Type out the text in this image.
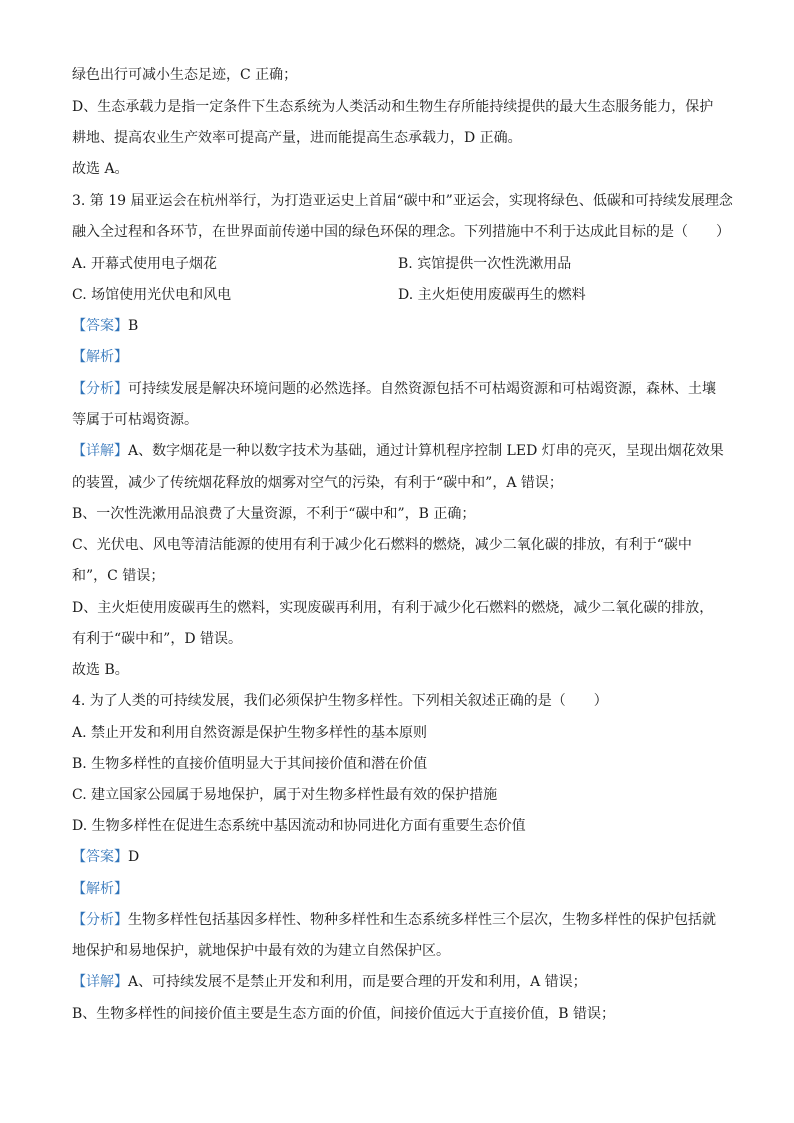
绿色出行可减小生态足迹，C 正确；
D、生态承载力是指一定条件下生态系统为人类活动和生物生存所能持续提供的最大生态服务能力，保护
耕地、提高农业生产效率可提高产量，进而能提高生态承载力，D 正确。
故选 A。
3. 第 19 届亚运会在杭州举行，为打造亚运史上首届“碳中和”亚运会，实现将绿色、低碳和可持续发展理念
融入全过程和各环节，在世界面前传递中国的绿色环保的理念。下列措施中不利于达成此目标的是（　　）
A. 开幕式使用电子烟花	B. 宾馆提供一次性洗漱用品
C. 场馆使用光伏电和风电	D. 主火炬使用废碳再生的燃料
【答案】B
【解析】
【分析】可持续发展是解决环境问题的必然选择。自然资源包括不可枯竭资源和可枯竭资源，森林、土壤
等属于可枯竭资源。
【详解】A、数字烟花是一种以数字技术为基础，通过计算机程序控制 LED 灯串的亮灭，呈现出烟花效果
的装置，减少了传统烟花释放的烟雾对空气的污染，有利于“碳中和”，A 错误；
B、一次性洗漱用品浪费了大量资源，不利于“碳中和”，B 正确；
C、光伏电、风电等清洁能源的使用有利于减少化石燃料的燃烧，减少二氧化碳的排放，有利于“碳中
和”，C 错误；
D、主火炬使用废碳再生的燃料，实现废碳再利用，有利于减少化石燃料的燃烧，减少二氧化碳的排放，
有利于“碳中和”，D 错误。
故选 B。
4. 为了人类的可持续发展，我们必须保护生物多样性。下列相关叙述正确的是（　　）
A. 禁止开发和利用自然资源是保护生物多样性的基本原则
B. 生物多样性的直接价值明显大于其间接价值和潜在价值
C. 建立国家公园属于易地保护，属于对生物多样性最有效的保护措施
D. 生物多样性在促进生态系统中基因流动和协同进化方面有重要生态价值
【答案】D
【解析】
【分析】生物多样性包括基因多样性、物种多样性和生态系统多样性三个层次，生物多样性的保护包括就
地保护和易地保护，就地保护中最有效的为建立自然保护区。
【详解】A、可持续发展不是禁止开发和利用，而是要合理的开发和利用，A 错误；
B、生物多样性的间接价值主要是生态方面的价值，间接价值远大于直接价值，B 错误；
